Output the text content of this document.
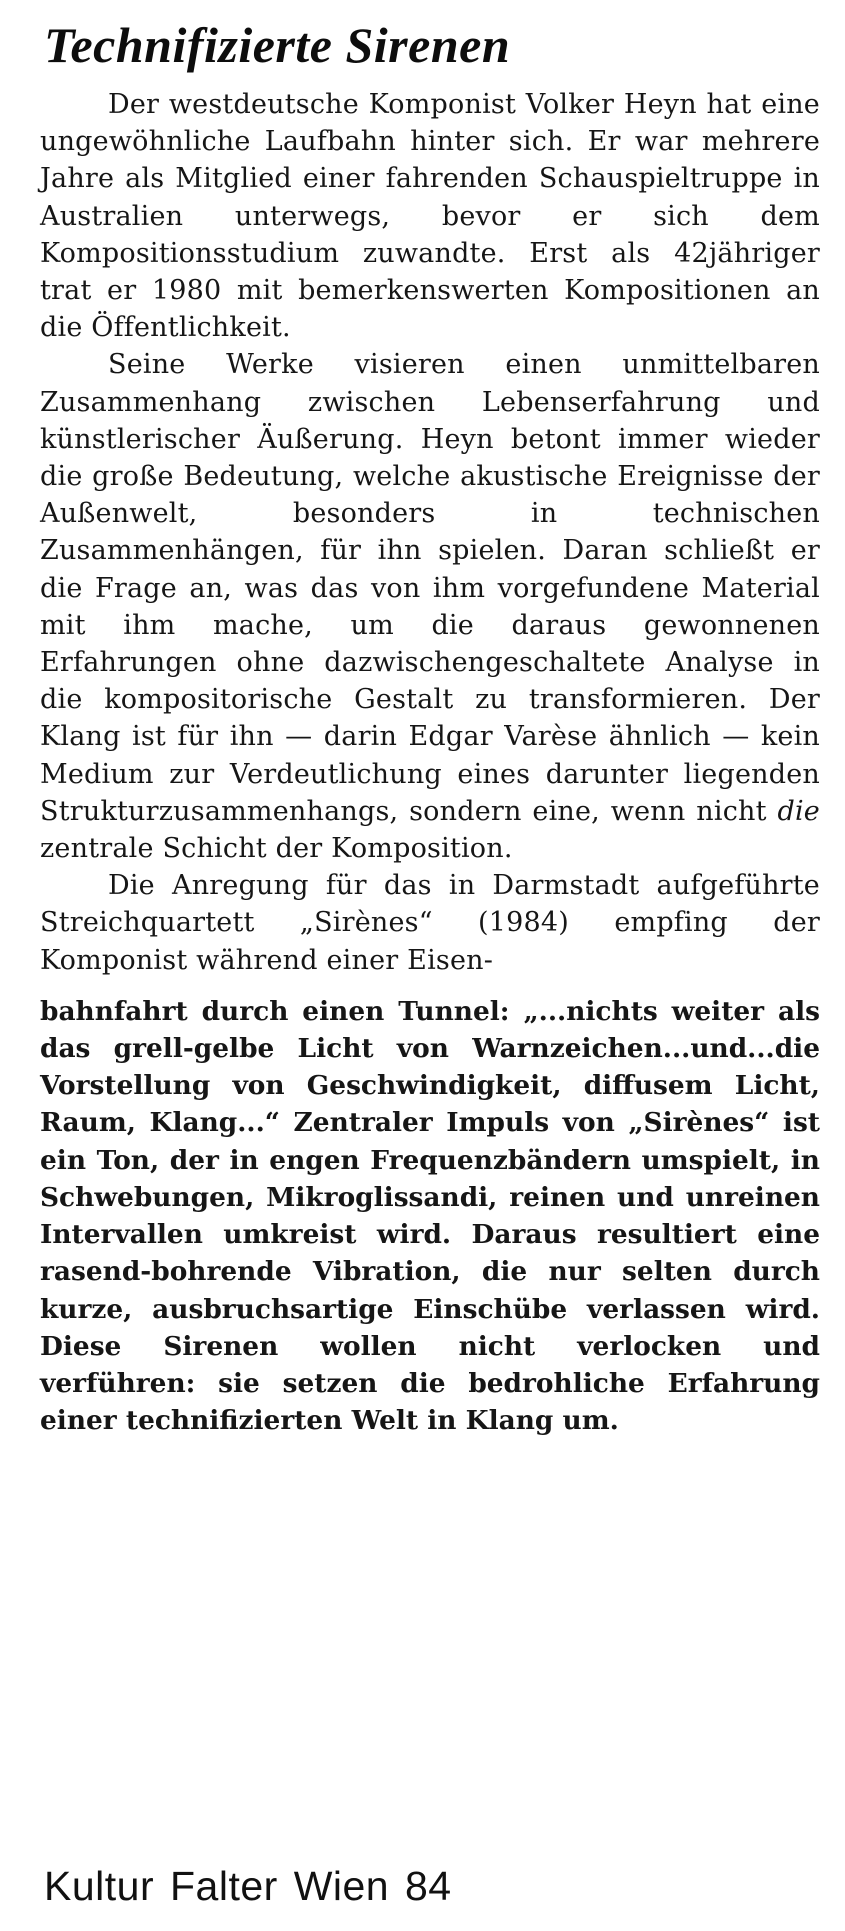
Technifizierte Sirenen

Der westdeutsche Komponist Volker Heyn hat eine ungewöhnliche Laufbahn hinter sich. Er war mehrere Jahre als Mitglied einer fahrenden Schauspieltruppe in Australien unterwegs, bevor er sich dem Kompositionsstudium zuwandte. Erst als 42jähriger trat er 1980 mit bemerkenswerten Kompositionen an die Öffentlichkeit.

Seine Werke visieren einen unmittelbaren Zusammenhang zwischen Lebenserfahrung und künstlerischer Äußerung. Heyn betont immer wieder die große Bedeutung, welche akustische Ereignisse der Außenwelt, besonders in technischen Zusammenhängen, für ihn spielen. Daran schließt er die Frage an, was das von ihm vorgefundene Material mit ihm mache, um die daraus gewonnenen Erfahrungen ohne dazwischengeschaltete Analyse in die kompositorische Gestalt zu transformieren. Der Klang ist für ihn — darin Edgar Varèse ähnlich — kein Medium zur Verdeutlichung eines darunter liegenden Strukturzusammenhangs, sondern eine, wenn nicht die zentrale Schicht der Komposition.

Die Anregung für das in Darmstadt aufgeführte Streichquartett „Sirènes“ (1984) empfing der Komponist während einer Eisen-

bahnfahrt durch einen Tunnel: „...nichts weiter als das grell-gelbe Licht von Warnzeichen...und...die Vorstellung von Geschwindigkeit, diffusem Licht, Raum, Klang...“ Zentraler Impuls von „Sirènes“ ist ein Ton, der in engen Frequenzbändern umspielt, in Schwebungen, Mikroglissandi, reinen und unreinen Intervallen umkreist wird. Daraus resultiert eine rasend-bohrende Vibration, die nur selten durch kurze, ausbruchsartige Einschübe verlassen wird. Diese Sirenen wollen nicht verlocken und verführen: sie setzen die bedrohliche Erfahrung einer technifizierten Welt in Klang um.

Kultur Falter Wien 84
